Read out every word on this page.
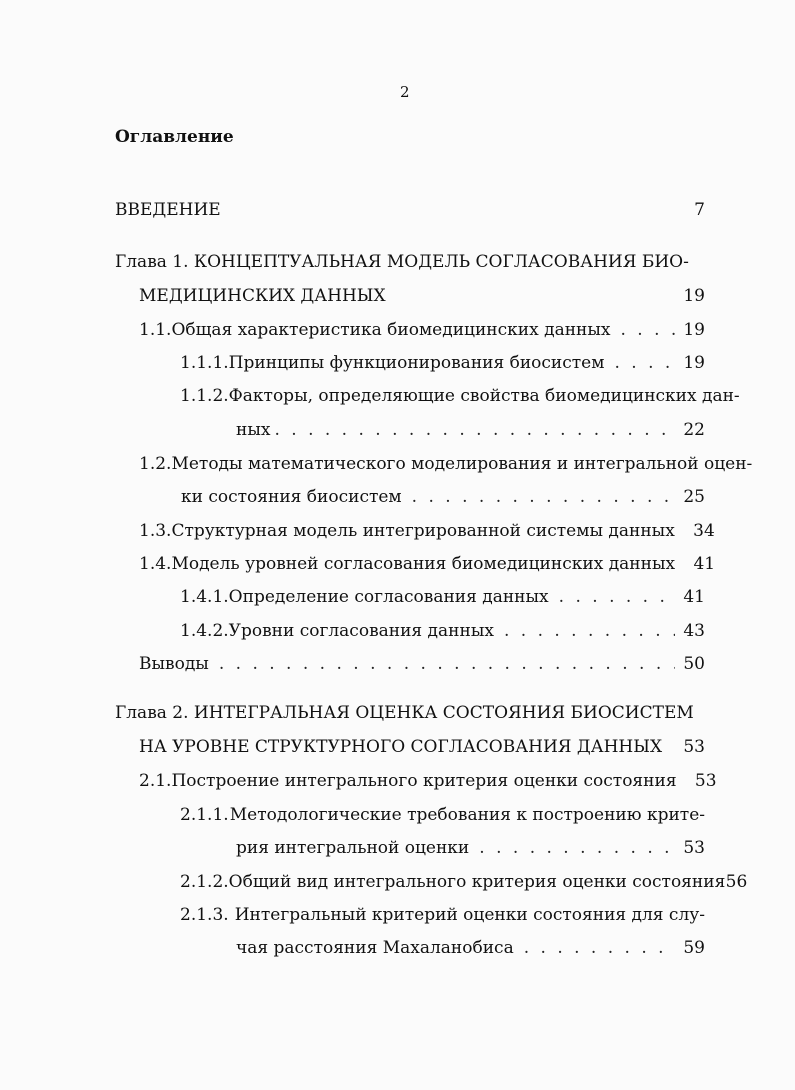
2
Оглавление
ВВЕДЕНИЕ	7
Глава 1. КОНЦЕПТУАЛЬНАЯ МОДЕЛЬ СОГЛАСОВАНИЯ БИО-
МЕДИЦИНСКИХ ДАННЫХ	19
1.1. Общая характеристика биомедицинских данных . . .	19
1.1.1. Принципы функционирования биосистем . . .	19
1.1.2. Факторы, определяющие свойства биомедицинских дан-
ных . . .	22
1.2. Методы математического моделирования и интегральной оцен-
ки состояния биосистем . . .	25
1.3. Структурная модель интегрированной системы данных 34
1.4. Модель уровней согласования биомедицинских данных 41
1.4.1. Определение согласования данных . . .	41
1.4.2. Уровни согласования данных . . .	43
Выводы . . .	50
Глава 2. ИНТЕГРАЛЬНАЯ ОЦЕНКА СОСТОЯНИЯ БИОСИСТЕМ
НА УРОВНЕ СТРУКТУРНОГО СОГЛАСОВАНИЯ ДАННЫХ 53
2.1. Построение интегрального критерия оценки состояния 53
2.1.1. Методологические требования к построению крите-
рия интегральной оценки . . .	53
2.1.2. Общий вид интегрального критерия оценки состояния 56
2.1.3. Интегральный критерий оценки состояния для слу-
чая расстояния Махаланобиса . . .	59
